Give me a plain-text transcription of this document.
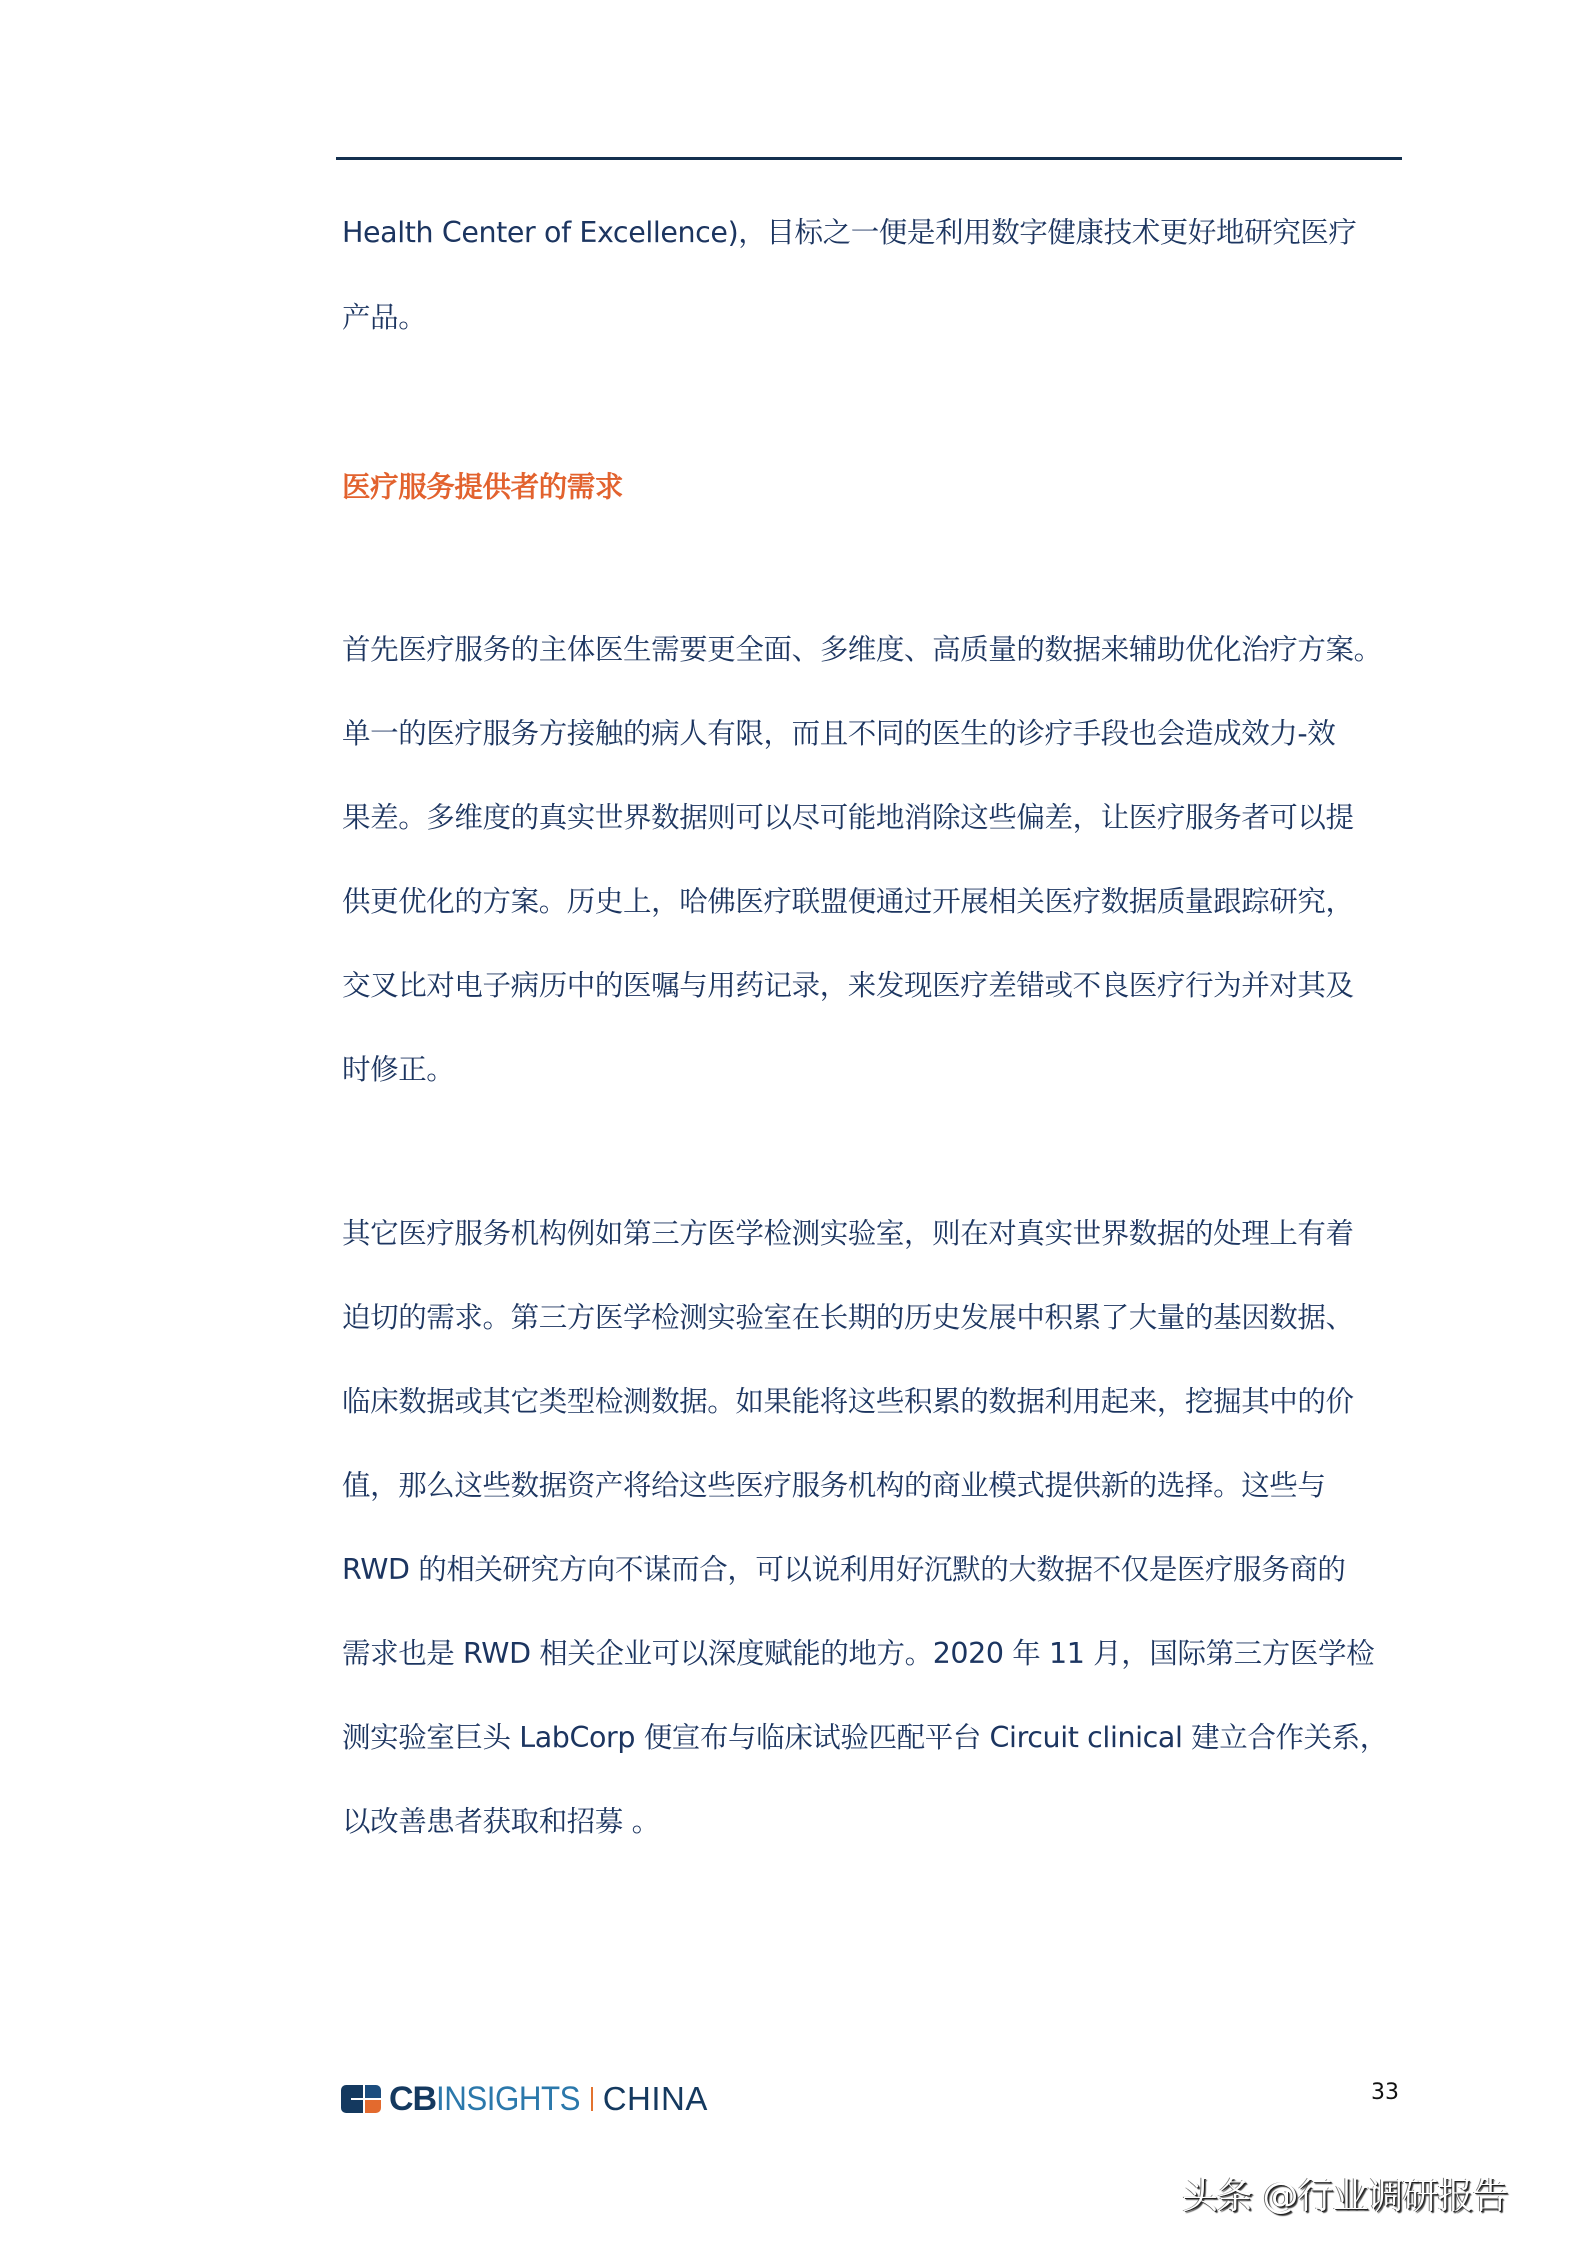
Health Center of Excellence)，目标之一便是利用数字健康技术更好地研究医疗
产品。
医疗服务提供者的需求
首先医疗服务的主体医生需要更全面、多维度、高质量的数据来辅助优化治疗方案。
单一的医疗服务方接触的病人有限，而且不同的医生的诊疗手段也会造成效力-效
果差。多维度的真实世界数据则可以尽可能地消除这些偏差，让医疗服务者可以提
供更优化的方案。历史上，哈佛医疗联盟便通过开展相关医疗数据质量跟踪研究，
交叉比对电子病历中的医嘱与用药记录，来发现医疗差错或不良医疗行为并对其及
时修正。
其它医疗服务机构例如第三方医学检测实验室，则在对真实世界数据的处理上有着
迫切的需求。第三方医学检测实验室在长期的历史发展中积累了大量的基因数据、
临床数据或其它类型检测数据。如果能将这些积累的数据利用起来，挖掘其中的价
值，那么这些数据资产将给这些医疗服务机构的商业模式提供新的选择。这些与
RWD 的相关研究方向不谋而合，可以说利用好沉默的大数据不仅是医疗服务商的
需求也是 RWD 相关企业可以深度赋能的地方。2020 年 11 月，国际第三方医学检
测实验室巨头 LabCorp 便宣布与临床试验匹配平台 Circuit clinical 建立合作关系，
以改善患者获取和招募 。
CB INSIGHTS CHINA	33
头条 @行业调研报告
